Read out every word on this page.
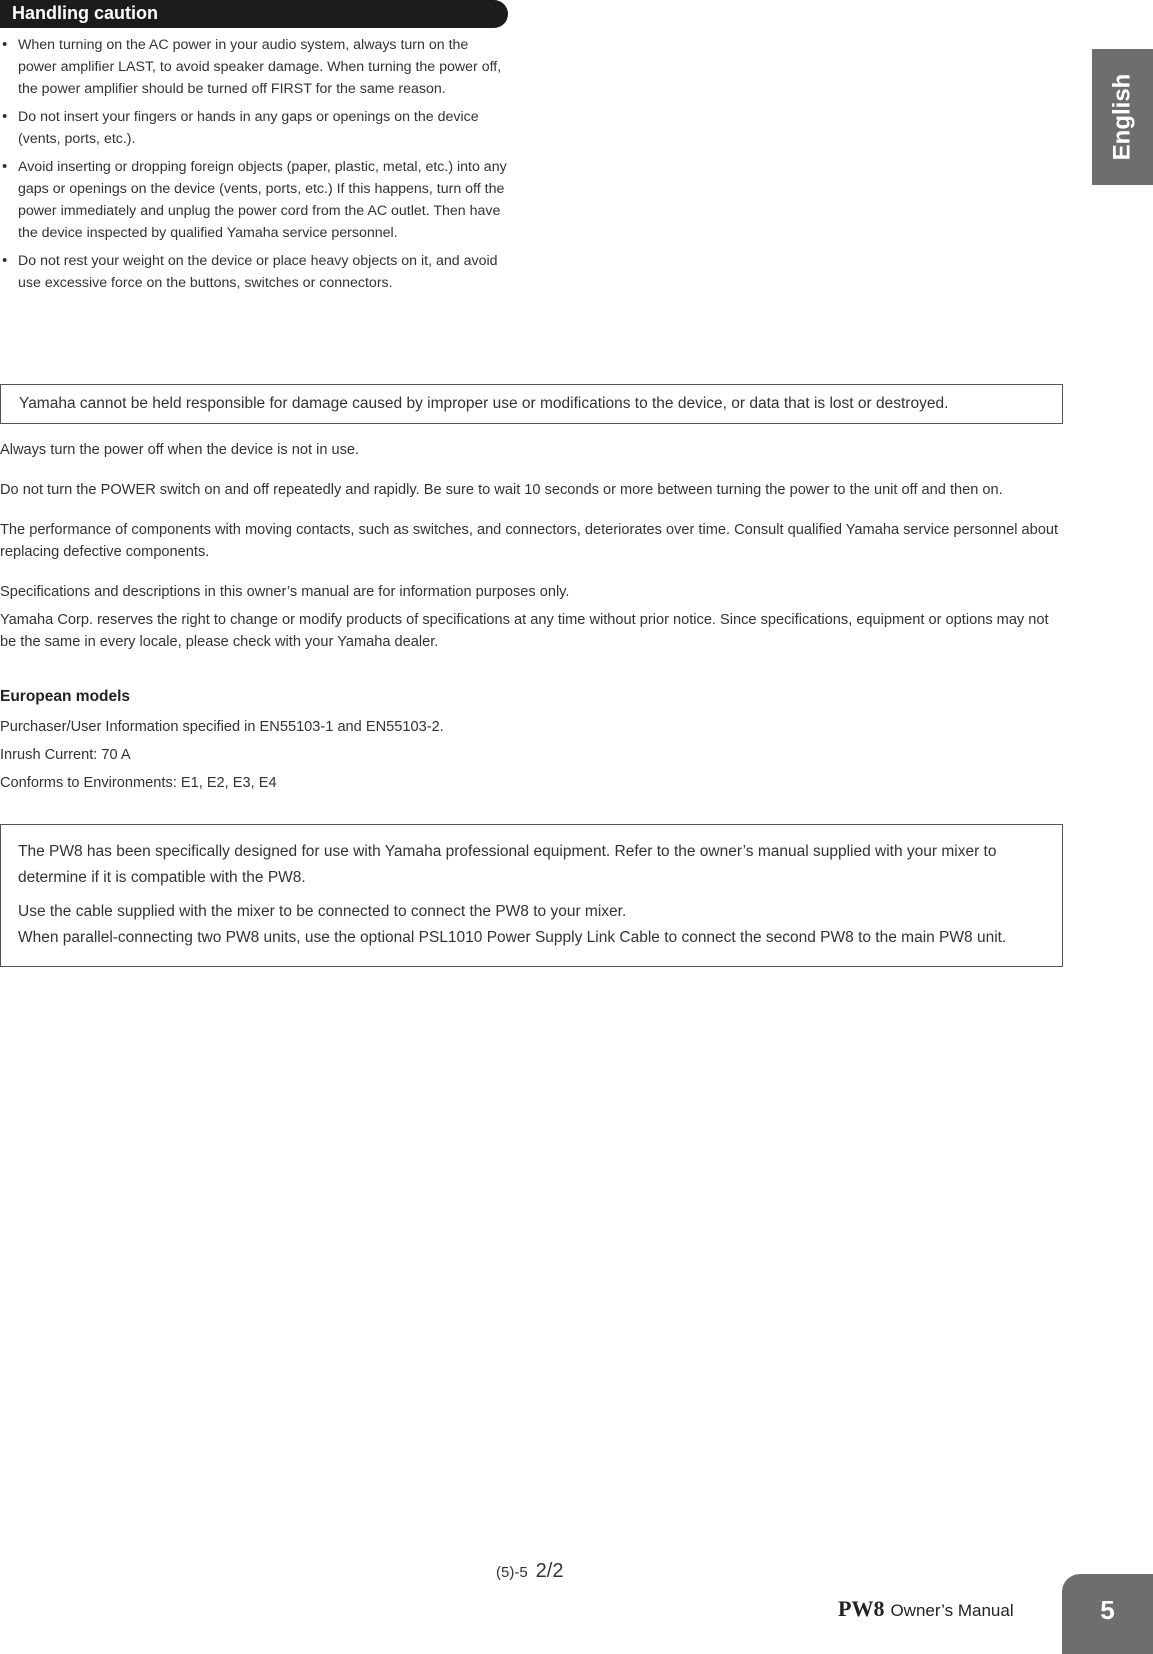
Handling caution
• When turning on the AC power in your audio system, always turn on the power amplifier LAST, to avoid speaker damage. When turning the power off, the power amplifier should be turned off FIRST for the same reason.
• Do not insert your fingers or hands in any gaps or openings on the device (vents, ports, etc.).
• Avoid inserting or dropping foreign objects (paper, plastic, metal, etc.) into any gaps or openings on the device (vents, ports, etc.) If this happens, turn off the power immediately and unplug the power cord from the AC outlet. Then have the device inspected by qualified Yamaha service personnel.
• Do not rest your weight on the device or place heavy objects on it, and avoid use excessive force on the buttons, switches or connectors.
English
Yamaha cannot be held responsible for damage caused by improper use or modifications to the device, or data that is lost or destroyed.

Always turn the power off when the device is not in use.

Do not turn the POWER switch on and off repeatedly and rapidly. Be sure to wait 10 seconds or more between turning the power to the unit off and then on.

The performance of components with moving contacts, such as switches, and connectors, deteriorates over time. Consult qualified Yamaha service personnel about replacing defective components.

Specifications and descriptions in this owner’s manual are for information purposes only.

Yamaha Corp. reserves the right to change or modify products of specifications at any time without prior notice. Since specifications, equipment or options may not be the same in every locale, please check with your Yamaha dealer.

European models

Purchaser/User Information specified in EN55103-1 and EN55103-2.

Inrush Current: 70 A

Conforms to Environments: E1, E2, E3, E4

The PW8 has been specifically designed for use with Yamaha professional equipment. Refer to the owner’s manual supplied with your mixer to determine if it is compatible with the PW8.

Use the cable supplied with the mixer to be connected to connect the PW8 to your mixer.

When parallel-connecting two PW8 units, use the optional PSL1010 Power Supply Link Cable to connect the second PW8 to the main PW8 unit.

(5)-5 2/2
PW8 Owner’s Manual	5
